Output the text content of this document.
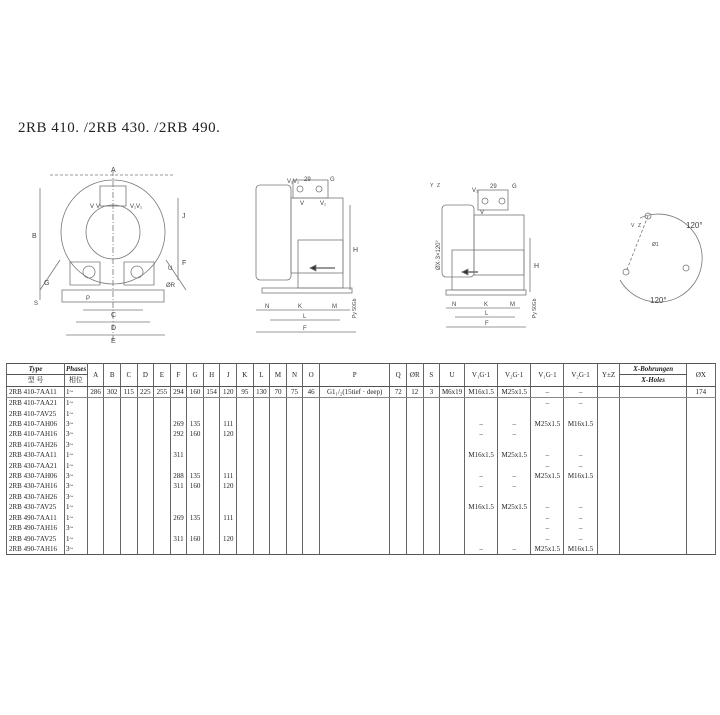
2RB 410. /2RB 430. /2RB 490.
A
B
V V	V₁V₁
J
F
E
C
D
G
U
ØR
P
S
V₁ V₁	G
29
V	V₁
H
N	K	M
L
F
Py 50Gb
Y Z
V₁
V
G
29
ØX·3×120°	H
N	K	M
L
F
Py 50Gb
120°
120°
Ø1
V Z
Type	Phases	A	B	C	D	E	F	G	H	J	K	L	M	N	O	P	Q	ØR	S	U	V₁G·1	V₂G·1	V₁G·1	V₂G·1	Y±Z	X-Bohrungen	ØX
型 号	相位																									X-Holes	
2RB 410-7AA11	1~	286	302	115	225	255	294	160	154	120	95	130	70	75	46	G1₁/₂(15tief · deep)	72	12	3	M6x19	M16x1.5	M25x1.5	–	–			174
2RB 410-7AA21	1~																						–	–			
2RB 410-7AV25	1~																										
2RB 410-7AH06	3~						269	135		111											–	–	M25x1.5	M16x1.5			
2RB 410-7AH16	3~						292	160		120											–	–					
2RB 410-7AH26	3~																										
2RB 430-7AA11	1~						311														M16x1.5	M25x1.5	–	–			
2RB 430-7AA21	1~																						–	–			
2RB 430-7AH06	3~						288	135		111											–	–	M25x1.5	M16x1.5			
2RB 430-7AH16	3~						311	160		120											–	–					
2RB 430-7AH26	3~																										
2RB 430-7AV25	1~																				M16x1.5	M25x1.5	–	–			
2RB 490-7AA11	1~						269	135		111													–	–			
2RB 490-7AH16	3~																						–	–			
2RB 490-7AV25	1~						311	160		120													–	–			
2RB 490-7AH16	3~																				–	–	M25x1.5	M16x1.5			
